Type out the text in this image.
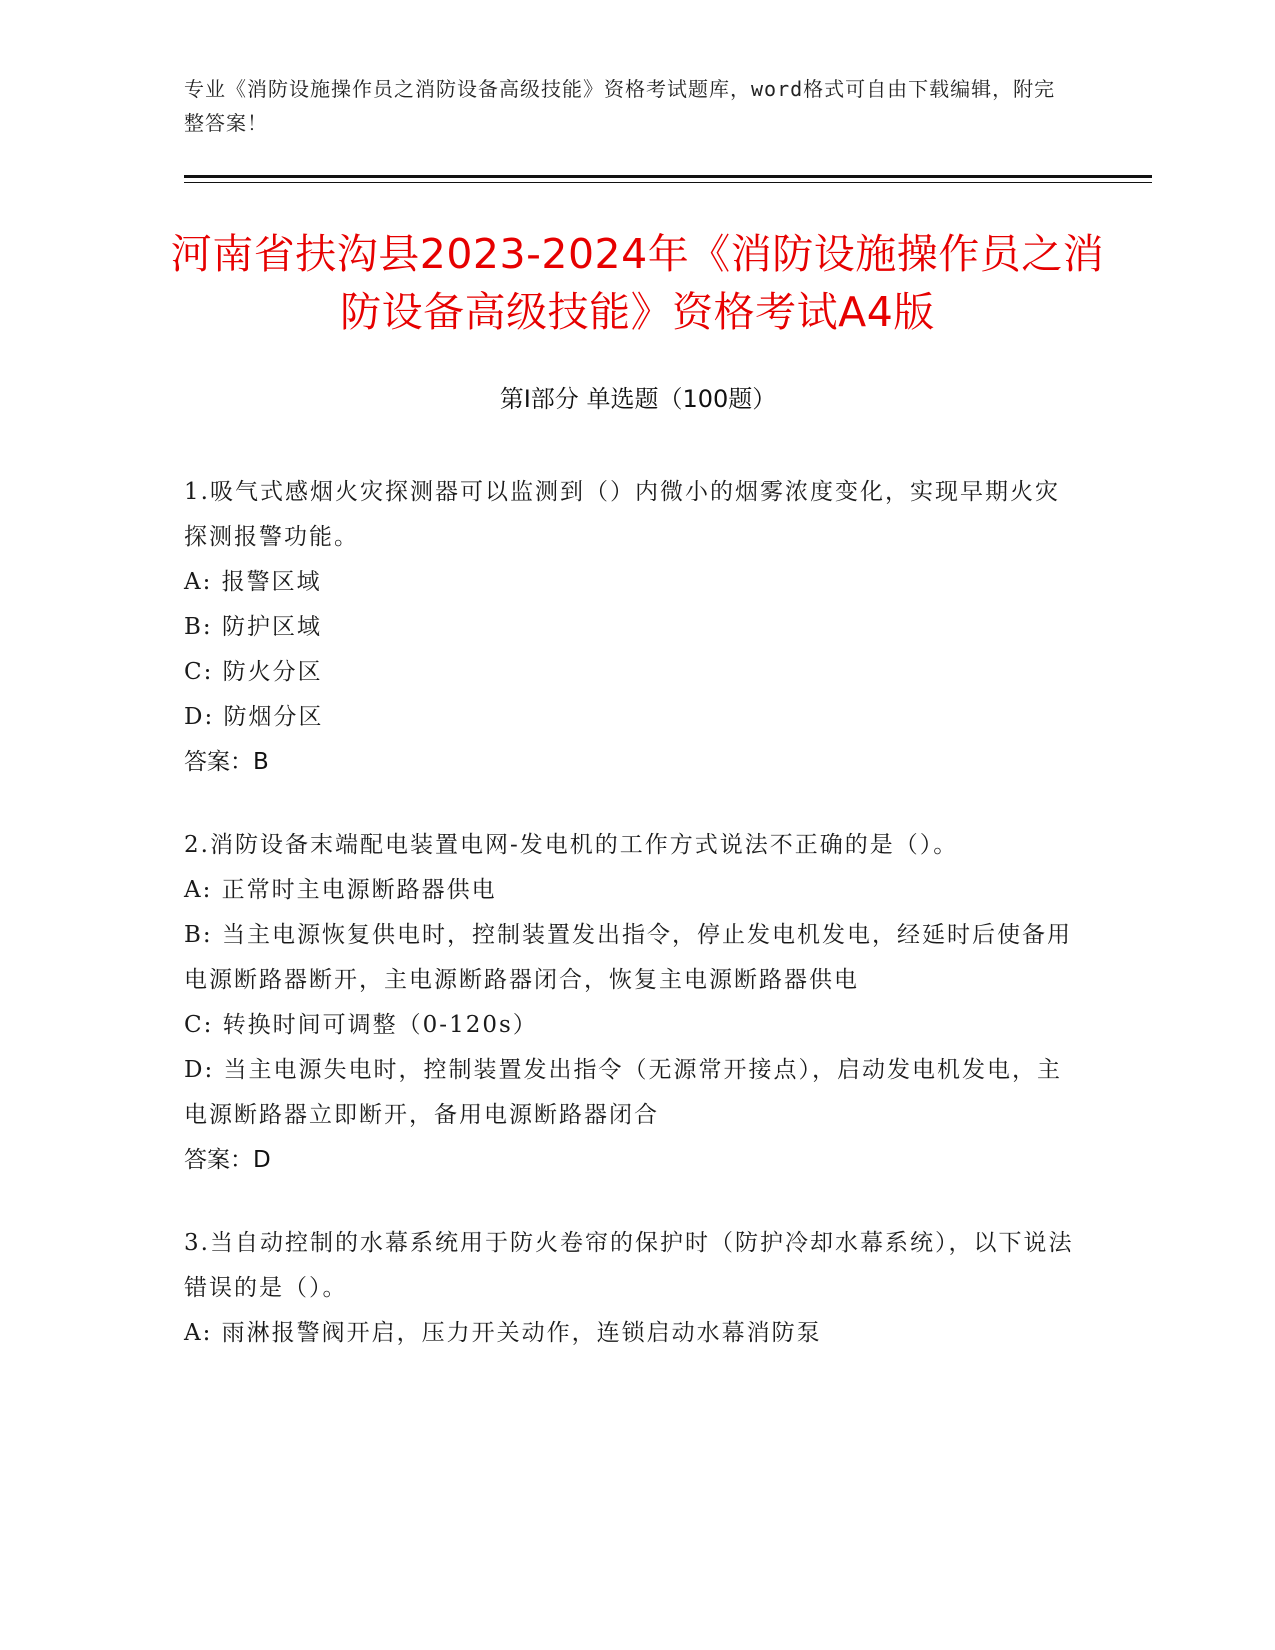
专业《消防设施操作员之消防设备高级技能》资格考试题库，word格式可自由下载编辑，附完整答案！
河南省扶沟县2023-2024年《消防设施操作员之消防设备高级技能》资格考试A4版
第Ⅰ部分 单选题（100题）
1.吸气式感烟火灾探测器可以监测到（）内微小的烟雾浓度变化，实现早期火灾探测报警功能。
A: 报警区域
B: 防护区域
C: 防火分区
D: 防烟分区
答案：B
2.消防设备末端配电装置电网-发电机的工作方式说法不正确的是（）。
A: 正常时主电源断路器供电
B: 当主电源恢复供电时，控制装置发出指令，停止发电机发电，经延时后使备用电源断路器断开，主电源断路器闭合，恢复主电源断路器供电
C: 转换时间可调整（0-120s）
D: 当主电源失电时，控制装置发出指令（无源常开接点），启动发电机发电，主电源断路器立即断开，备用电源断路器闭合
答案：D
3.当自动控制的水幕系统用于防火卷帘的保护时（防护冷却水幕系统），以下说法错误的是（）。
A: 雨淋报警阀开启，压力开关动作，连锁启动水幕消防泵
